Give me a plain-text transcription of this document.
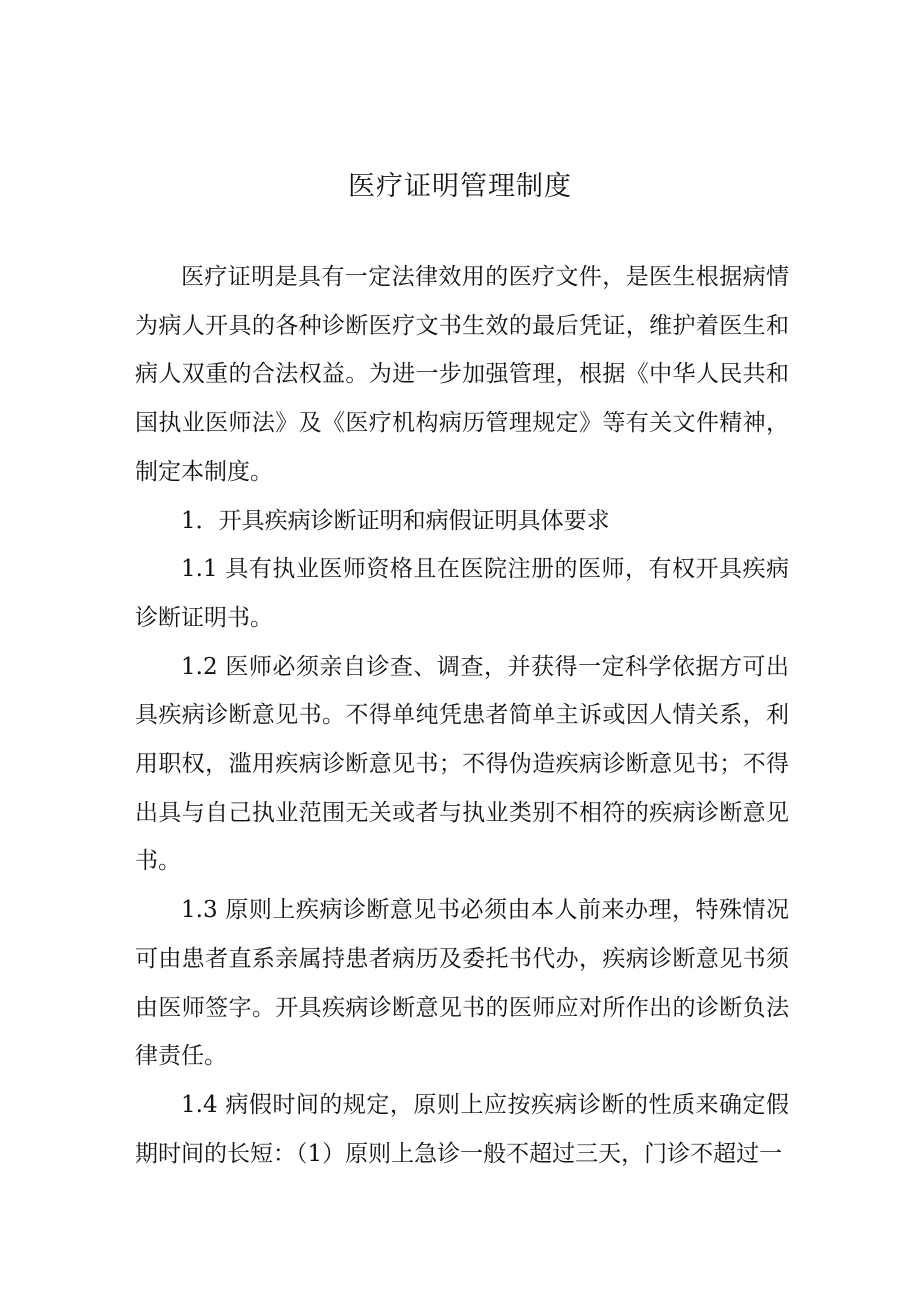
医疗证明管理制度

医疗证明是具有一定法律效用的医疗文件，是医生根据病情为病人开具的各种诊断医疗文书生效的最后凭证，维护着医生和病人双重的合法权益。为进一步加强管理，根据《中华人民共和国执业医师法》及《医疗机构病历管理规定》等有关文件精神，制定本制度。

1．开具疾病诊断证明和病假证明具体要求

1.1 具有执业医师资格且在医院注册的医师，有权开具疾病诊断证明书。

1.2 医师必须亲自诊查、调查，并获得一定科学依据方可出具疾病诊断意见书。不得单纯凭患者简单主诉或因人情关系，利用职权，滥用疾病诊断意见书；不得伪造疾病诊断意见书；不得出具与自己执业范围无关或者与执业类别不相符的疾病诊断意见书。

1.3 原则上疾病诊断意见书必须由本人前来办理，特殊情况可由患者直系亲属持患者病历及委托书代办，疾病诊断意见书须由医师签字。开具疾病诊断意见书的医师应对所作出的诊断负法律责任。

1.4 病假时间的规定，原则上应按疾病诊断的性质来确定假期时间的长短：（1）原则上急诊一般不超过三天，门诊不超过一
